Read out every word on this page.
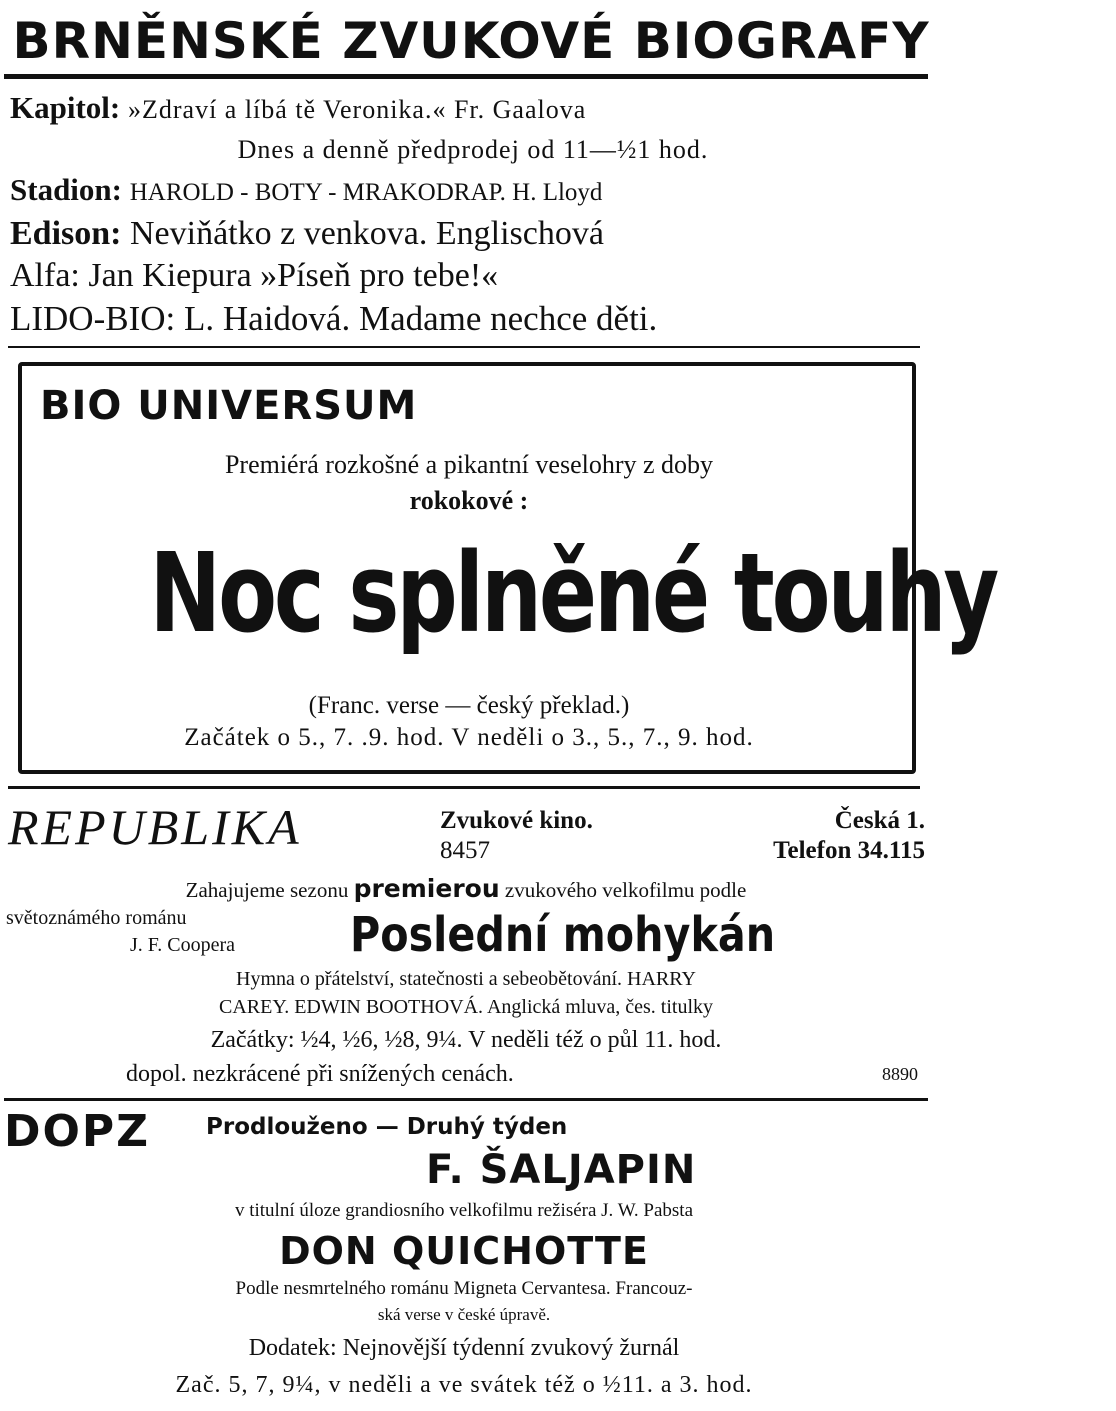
BRNĚNSKÉ ZVUKOVÉ BIOGRAFY
Kapitol: »Zdraví a líbá tě Veronika.« Fr. Gaalova
Dnes a denně předprodej od 11—½1 hod.
Stadion: HAROLD - BOTY - MRAKODRAP. H. Lloyd
Edison: Neviňátko z venkova. Englischová
Alfa: Jan Kiepura »Píseň pro tebe!«
LIDO-BIO: L. Haidová. Madame nechce děti.
BIO UNIVERSUM
Premiérá rozkošné a pikantní veselohry z doby
rokokové :
Noc splněné touhy
(Franc. verse — český překlad.)
Začátek o 5., 7. .9. hod. V neděli o 3., 5., 7., 9. hod.
REPUBLIKA	Zvukové kino.	Česká 1.
8457	Telefon 34.115
Zahajujeme sezonu premierou zvukového velkofilmu podle
světoznámého románu
J. F. Coopera	Poslední mohykán
Hymna o přátelství, statečnosti a sebeobětování. HARRY
CAREY. EDWIN BOOTHOVÁ. Anglická mluva, čes. titulky
Začátky: ½4, ½6, ½8, 9¼. V neděli též o půl 11. hod.
dopol. nezkrácené při snížených cenách.	8890
DOPZ	Prodlouženo — Druhý týden
F. ŠALJAPIN
v titulní úloze grandiosního velkofilmu režiséra J. W. Pabsta
DON QUICHOTTE
Podle nesmrtelného románu Migneta Cervantesa. Francouz-
ská verse v české úpravě.
Dodatek: Nejnovější týdenní zvukový žurnál
Zač. 5, 7, 9¼, v neděli a ve svátek též o ½11. a 3. hod.
